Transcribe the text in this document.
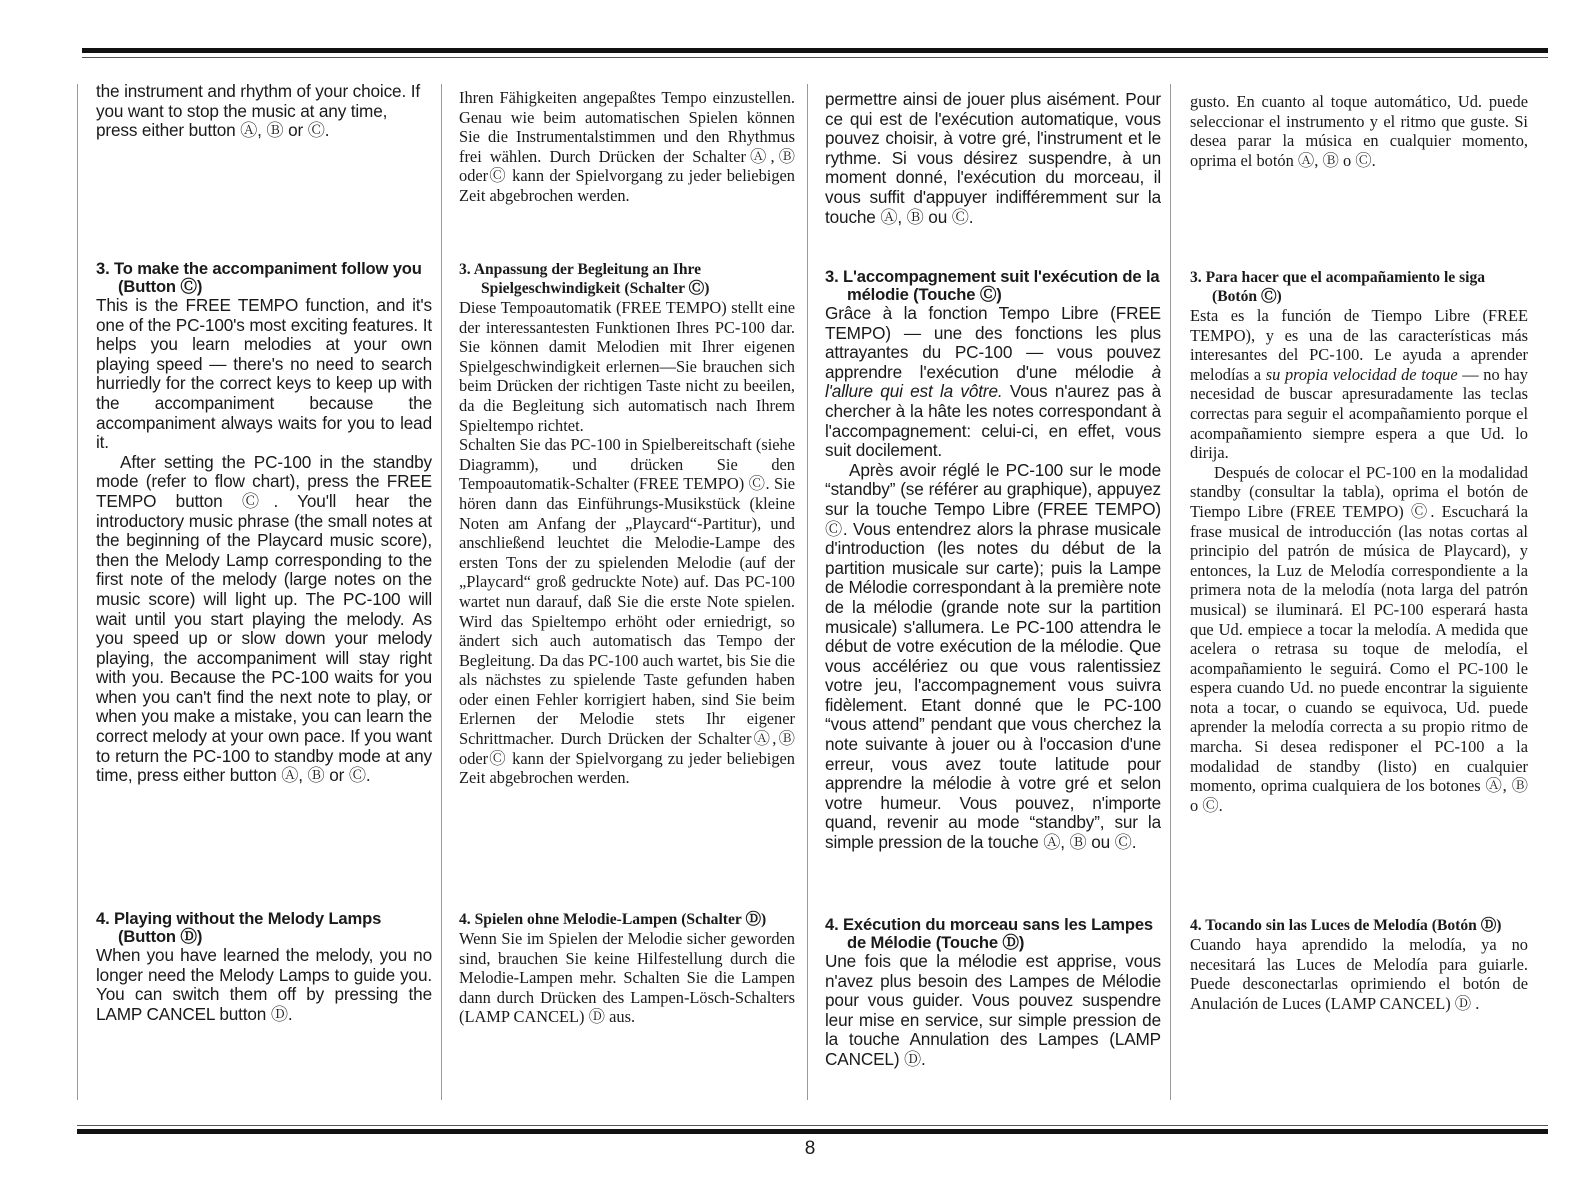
the instrument and rhythm of your choice. If you want to stop the music at any time, press either button Ⓐ, Ⓑ or Ⓒ.

3. To make the accompaniment follow you (Button Ⓒ)

This is the FREE TEMPO function, and it's one of the PC-100's most exciting features. It helps you learn melodies at your own playing speed — there's no need to search hurriedly for the correct keys to keep up with the accompaniment because the accompaniment always waits for you to lead it.

After setting the PC-100 in the standby mode (refer to flow chart), press the FREE TEMPO button Ⓒ. You'll hear the introductory music phrase (the small notes at the beginning of the Playcard music score), then the Melody Lamp corresponding to the first note of the melody (large notes on the music score) will light up. The PC-100 will wait until you start playing the melody. As you speed up or slow down your melody playing, the accompaniment will stay right with you. Because the PC-100 waits for you when you can't find the next note to play, or when you make a mistake, you can learn the correct melody at your own pace. If you want to return the PC-100 to standby mode at any time, press either button Ⓐ, Ⓑ or Ⓒ.

4. Playing without the Melody Lamps (Button Ⓓ)

When you have learned the melody, you no longer need the Melody Lamps to guide you. You can switch them off by pressing the LAMP CANCEL button Ⓓ.

Ihren Fähigkeiten angepaßtes Tempo einzustellen. Genau wie beim automatischen Spielen können Sie die Instrumentalstimmen und den Rhythmus frei wählen. Durch Drücken der SchalterⒶ,Ⓑ oderⒸ kann der Spielvorgang zu jeder beliebigen Zeit abgebrochen werden.

3. Anpassung der Begleitung an Ihre Spielgeschwindigkeit (Schalter Ⓒ)

Diese Tempoautomatik (FREE TEMPO) stellt eine der interessantesten Funktionen Ihres PC-100 dar. Sie können damit Melodien mit Ihrer eigenen Spielgeschwindigkeit erlernen—Sie brauchen sich beim Drücken der richtigen Taste nicht zu beeilen, da die Begleitung sich automatisch nach Ihrem Spieltempo richtet.

Schalten Sie das PC-100 in Spielbereitschaft (siehe Diagramm), und drücken Sie den Tempoautomatik-Schalter (FREE TEMPO) Ⓒ. Sie hören dann das Einführungs-Musikstück (kleine Noten am Anfang der „Playcard“-Partitur), und anschließend leuchtet die Melodie-Lampe des ersten Tons der zu spielenden Melodie (auf der „Playcard“ groß gedruckte Note) auf. Das PC-100 wartet nun darauf, daß Sie die erste Note spielen. Wird das Spieltempo erhöht oder erniedrigt, so ändert sich auch automatisch das Tempo der Begleitung. Da das PC-100 auch wartet, bis Sie die als nächstes zu spielende Taste gefunden haben oder einen Fehler korrigiert haben, sind Sie beim Erlernen der Melodie stets Ihr eigener Schrittmacher. Durch Drücken der SchalterⒶ,Ⓑ oderⒸ kann der Spielvorgang zu jeder beliebigen Zeit abgebrochen werden.

4. Spielen ohne Melodie-Lampen (Schalter Ⓓ)

Wenn Sie im Spielen der Melodie sicher geworden sind, brauchen Sie keine Hilfestellung durch die Melodie-Lampen mehr. Schalten Sie die Lampen dann durch Drücken des Lampen-Lösch-Schalters (LAMP CANCEL) Ⓓ aus.

permettre ainsi de jouer plus aisément. Pour ce qui est de l'exécution automatique, vous pouvez choisir, à votre gré, l'instrument et le rythme. Si vous désirez suspendre, à un moment donné, l'exécution du morceau, il vous suffit d'appuyer indifféremment sur la touche Ⓐ, Ⓑ ou Ⓒ.

3. L'accompagnement suit l'exécution de la mélodie (Touche Ⓒ)

Grâce à la fonction Tempo Libre (FREE TEMPO) — une des fonctions les plus attrayantes du PC-100 — vous pouvez apprendre l'exécution d'une mélodie à l'allure qui est la vôtre. Vous n'aurez pas à chercher à la hâte les notes correspondant à l'accompagnement: celui-ci, en effet, vous suit docilement.

Après avoir réglé le PC-100 sur le mode “standby” (se référer au graphique), appuyez sur la touche Tempo Libre (FREE TEMPO) Ⓒ. Vous entendrez alors la phrase musicale d'introduction (les notes du début de la partition musicale sur carte); puis la Lampe de Mélodie correspondant à la première note de la mélodie (grande note sur la partition musicale) s'allumera. Le PC-100 attendra le début de votre exécution de la mélodie. Que vous accélériez ou que vous ralentissiez votre jeu, l'accompagnement vous suivra fidèlement. Etant donné que le PC-100 “vous attend” pendant que vous cherchez la note suivante à jouer ou à l'occasion d'une erreur, vous avez toute latitude pour apprendre la mélodie à votre gré et selon votre humeur. Vous pouvez, n'importe quand, revenir au mode “standby”, sur la simple pression de la touche Ⓐ, Ⓑ ou Ⓒ.

4. Exécution du morceau sans les Lampes de Mélodie (Touche Ⓓ)

Une fois que la mélodie est apprise, vous n'avez plus besoin des Lampes de Mélodie pour vous guider. Vous pouvez suspendre leur mise en service, sur simple pression de la touche Annulation des Lampes (LAMP CANCEL) Ⓓ.

gusto. En cuanto al toque automático, Ud. puede seleccionar el instrumento y el ritmo que guste. Si desea parar la música en cualquier momento, oprima el botón Ⓐ, Ⓑ o Ⓒ.

3. Para hacer que el acompañamiento le siga (Botón Ⓒ)

Esta es la función de Tiempo Libre (FREE TEMPO), y es una de las características más interesantes del PC-100. Le ayuda a aprender melodías a su propia velocidad de toque — no hay necesidad de buscar apresuradamente las teclas correctas para seguir el acompañamiento porque el acompañamiento siempre espera a que Ud. lo dirija.

Después de colocar el PC-100 en la modalidad standby (consultar la tabla), oprima el botón de Tiempo Libre (FREE TEMPO) Ⓒ. Escuchará la frase musical de introducción (las notas cortas al principio del patrón de música de Playcard), y entonces, la Luz de Melodía correspondiente a la primera nota de la melodía (nota larga del patrón musical) se iluminará. El PC-100 esperará hasta que Ud. empiece a tocar la melodía. A medida que acelera o retrasa su toque de melodía, el acompañamiento le seguirá. Como el PC-100 le espera cuando Ud. no puede encontrar la siguiente nota a tocar, o cuando se equivoca, Ud. puede aprender la melodía correcta a su propio ritmo de marcha. Si desea redisponer el PC-100 a la modalidad de standby (listo) en cualquier momento, oprima cualquiera de los botones Ⓐ, Ⓑ o Ⓒ.

4. Tocando sin las Luces de Melodía (Botón Ⓓ)

Cuando haya aprendido la melodía, ya no necesitará las Luces de Melodía para guiarle. Puede desconectarlas oprimiendo el botón de Anulación de Luces (LAMP CANCEL) Ⓓ .

8
